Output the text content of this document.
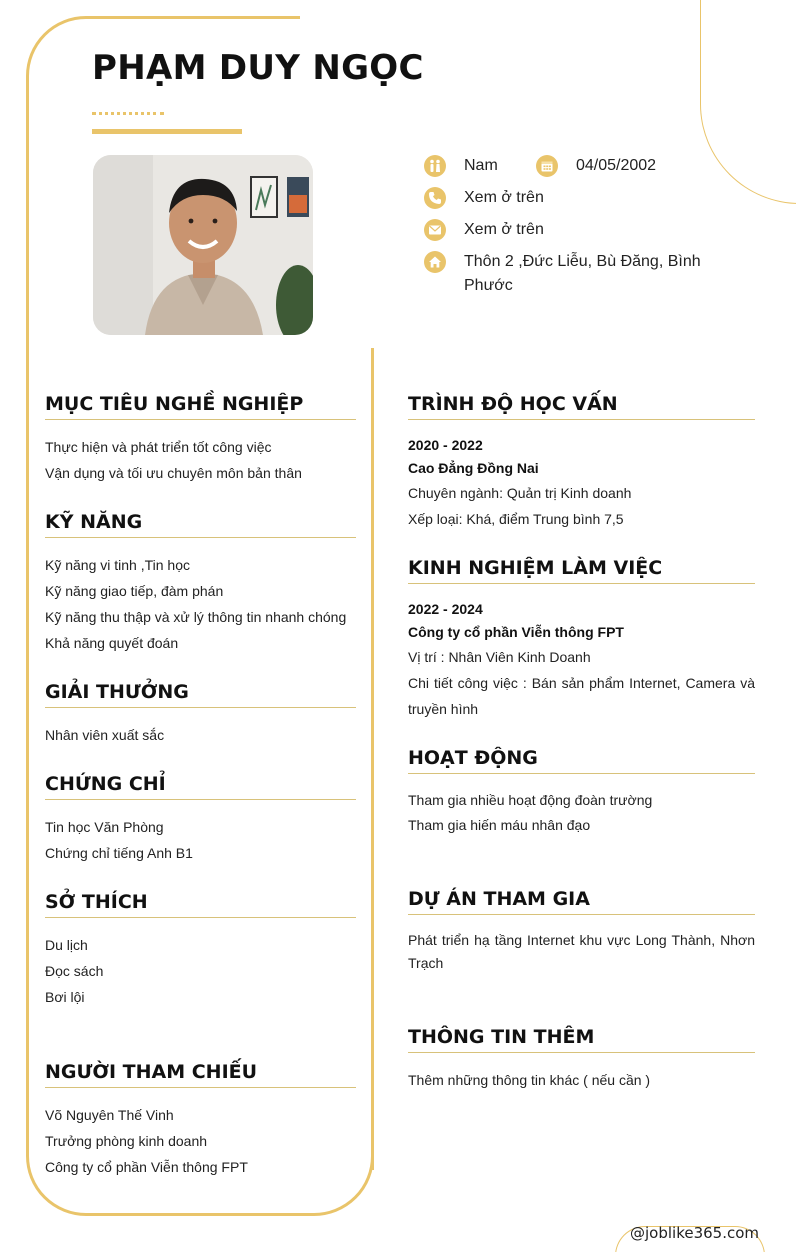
PHẠM DUY NGỌC
Nam
Xem ở trên
Xem ở trên
Thôn 2 ,Đức Liễu, Bù Đăng, Bình Phước
04/05/2002
MỤC TIÊU NGHỀ NGHIỆP
Thực hiện và phát triển tốt công việc
Vận dụng và tối ưu chuyên môn bản thân
KỸ NĂNG
Kỹ năng vi tinh ,Tin học
Kỹ năng giao tiếp, đàm phán
Kỹ năng thu thập và xử lý thông tin nhanh chóng
Khả năng quyết đoán
GIẢI THƯỞNG
Nhân viên xuất sắc
CHỨNG CHỈ
Tin học Văn Phòng
Chứng chỉ tiếng Anh B1
SỞ THÍCH
Du lịch
Đọc sách
Bơi lội
NGƯỜI THAM CHIẾU
Võ Nguyên Thế Vinh
Trưởng phòng kinh doanh
Công ty cổ phần Viễn thông FPT
TRÌNH ĐỘ HỌC VẤN
2020 - 2022
Cao Đẳng Đồng Nai
Chuyên ngành: Quản trị Kinh doanh
Xếp loại: Khá, điểm Trung bình 7,5
KINH NGHIỆM LÀM VIỆC
2022 - 2024
Công ty cổ phần Viễn thông FPT
Vị trí : Nhân Viên Kinh Doanh
Chi tiết công việc : Bán sản phẩm Internet, Camera và truyền hình
HOẠT ĐỘNG
Tham gia nhiều hoạt động đoàn trường
Tham gia hiến máu nhân đạo
DỰ ÁN THAM GIA
Phát triển hạ tầng Internet khu vực Long Thành, Nhơn Trạch
THÔNG TIN THÊM
Thêm những thông tin khác ( nếu cần )
@joblike365.com
